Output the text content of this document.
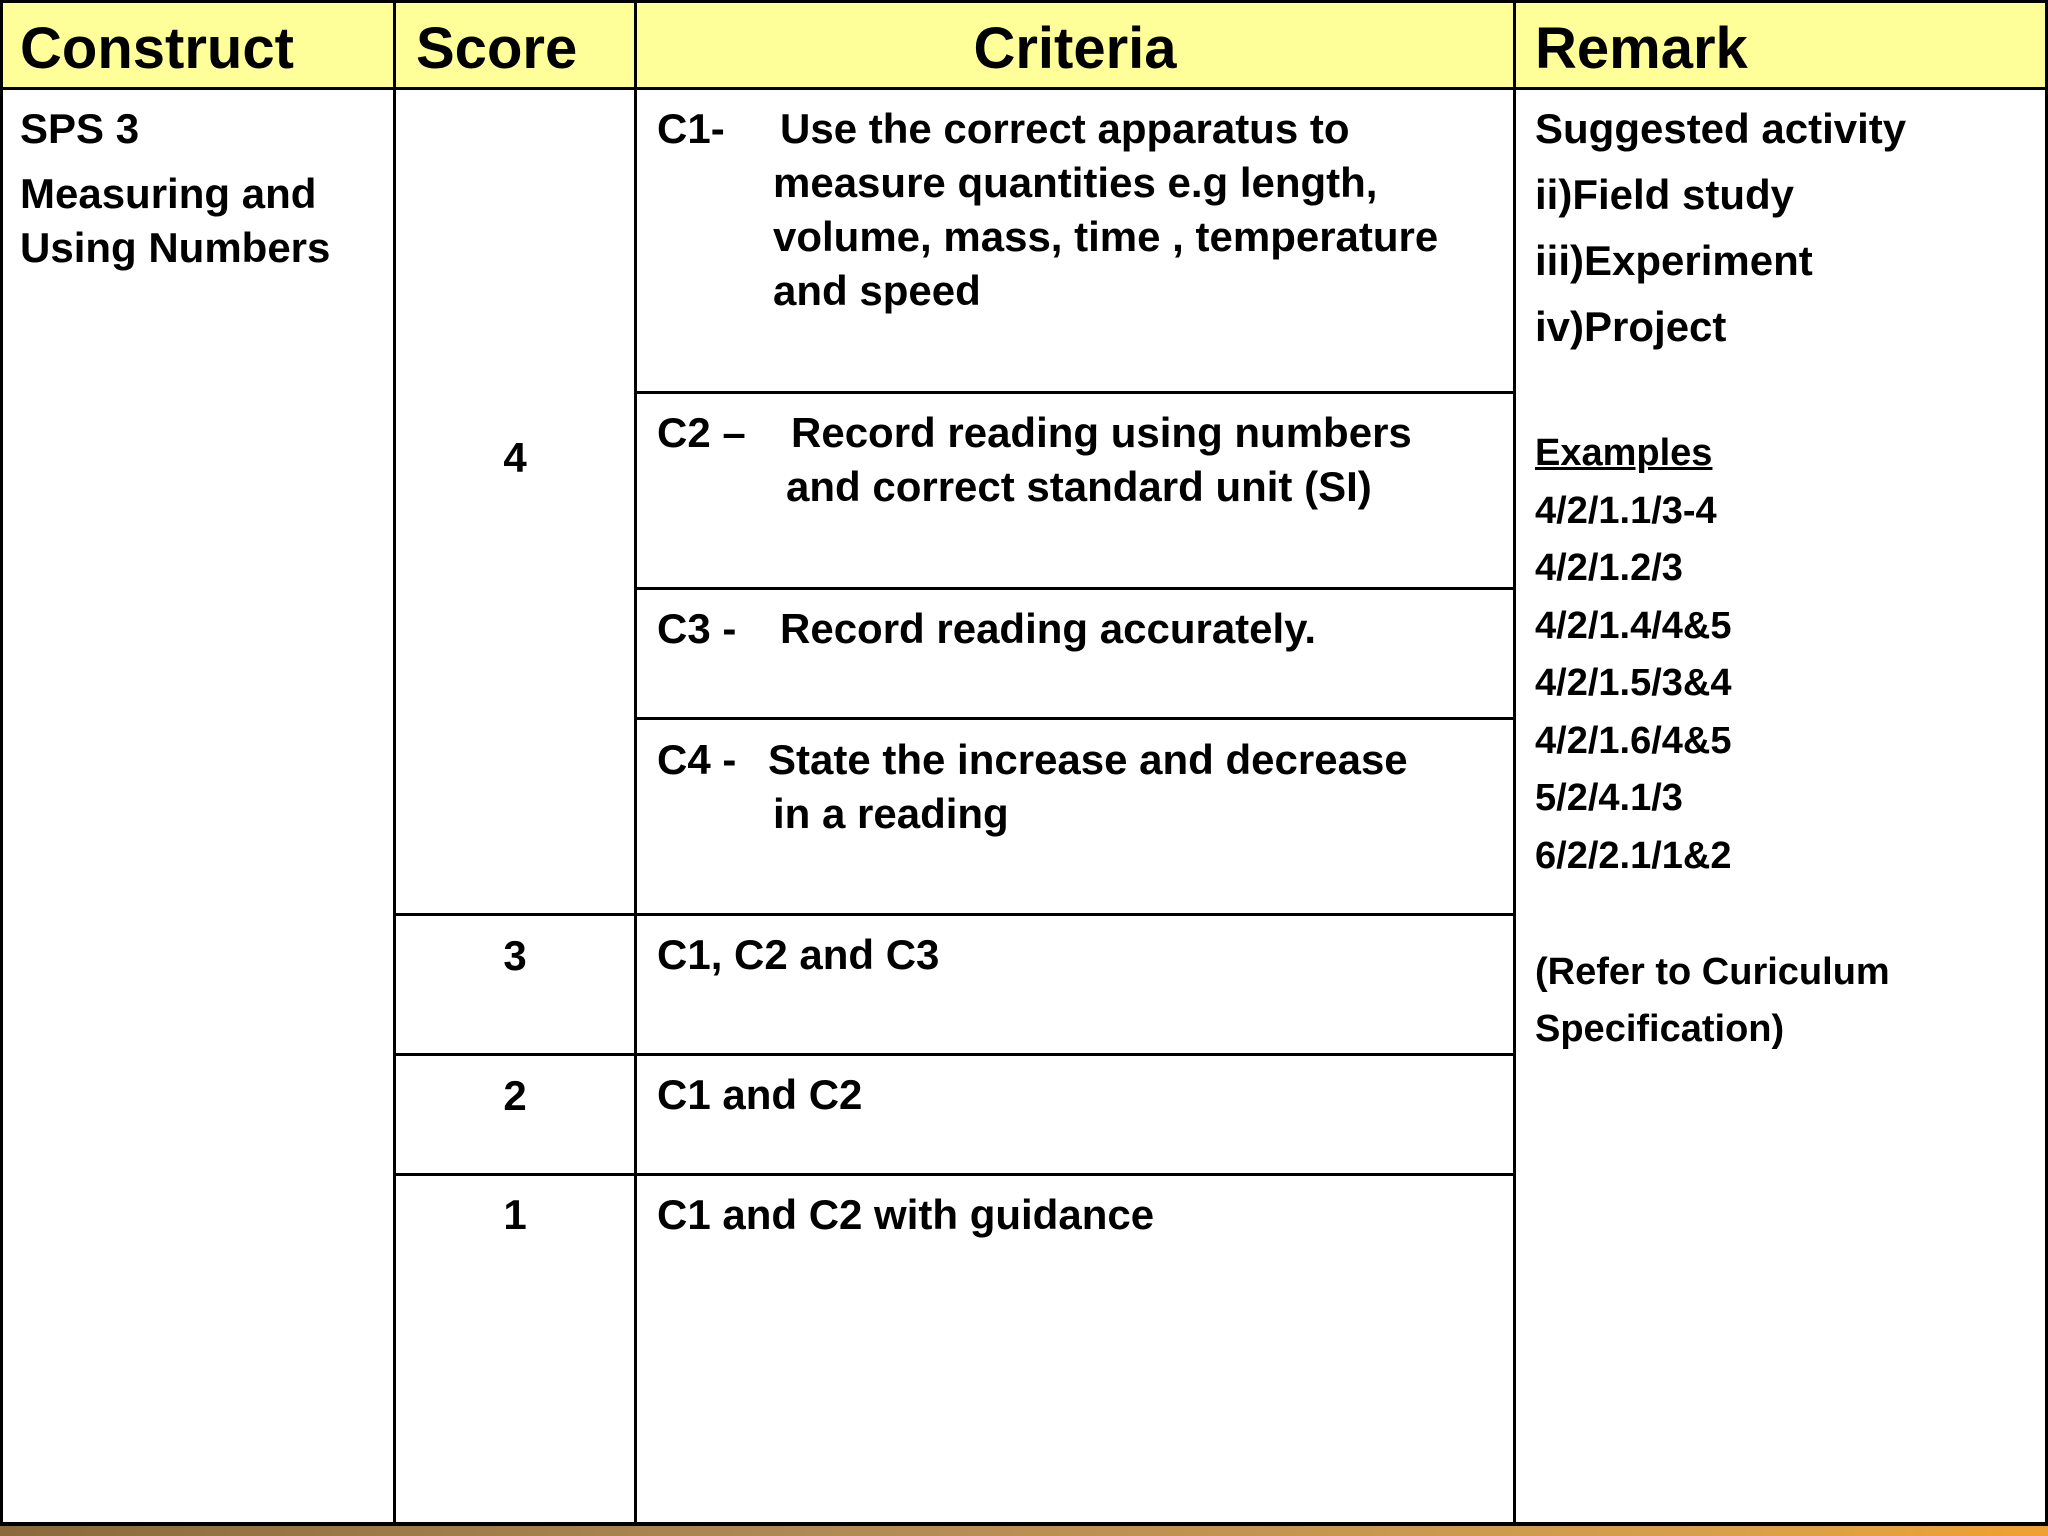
Construct Score	Criteria	Remark
SPS 3
Measuring and
Using Numbers
4
3
2
1
C1- Use the correct apparatus to
measure quantities e.g length,
volume, mass, time , temperature
and speed
C2 – Record reading using numbers
and correct standard unit (SI)
C3 - Record reading accurately.
C4 - State the increase and decrease
in a reading
C1, C2 and C3
C1 and C2
C1 and C2 with guidance
Suggested activity
ii)Field study
iii)Experiment
iv)Project
Examples
4/2/1.1/3-4
4/2/1.2/3
4/2/1.4/4&5
4/2/1.5/3&4
4/2/1.6/4&5
5/2/4.1/3
6/2/2.1/1&2
(Refer to Curiculum
Specification)
